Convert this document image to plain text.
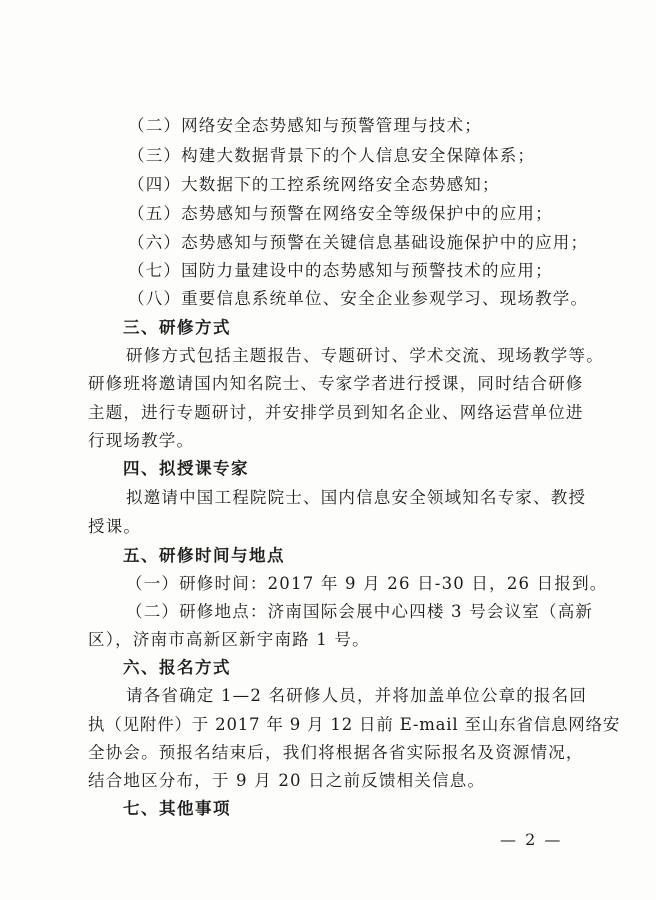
（二）网络安全态势感知与预警管理与技术；
（三）构建大数据背景下的个人信息安全保障体系；
（四）大数据下的工控系统网络安全态势感知；
（五）态势感知与预警在网络安全等级保护中的应用；
（六）态势感知与预警在关键信息基础设施保护中的应用；
（七）国防力量建设中的态势感知与预警技术的应用；
（八）重要信息系统单位、安全企业参观学习、现场教学。
三、研修方式
研修方式包括主题报告、专题研讨、学术交流、现场教学等。
研修班将邀请国内知名院士、专家学者进行授课，同时结合研修
主题，进行专题研讨，并安排学员到知名企业、网络运营单位进
行现场教学。
四、拟授课专家
拟邀请中国工程院院士、国内信息安全领域知名专家、教授
授课。
五、研修时间与地点
（一）研修时间：2017 年 9 月 26 日-30 日，26 日报到。
（二）研修地点：济南国际会展中心四楼 3 号会议室（高新
区），济南市高新区新宇南路 1 号。
六、报名方式
请各省确定 1—2 名研修人员，并将加盖单位公章的报名回
执（见附件）于 2017 年 9 月 12 日前 E-mail 至山东省信息网络安
全协会。预报名结束后，我们将根据各省实际报名及资源情况，
结合地区分布，于 9 月 20 日之前反馈相关信息。
七、其他事项
— 2 —
